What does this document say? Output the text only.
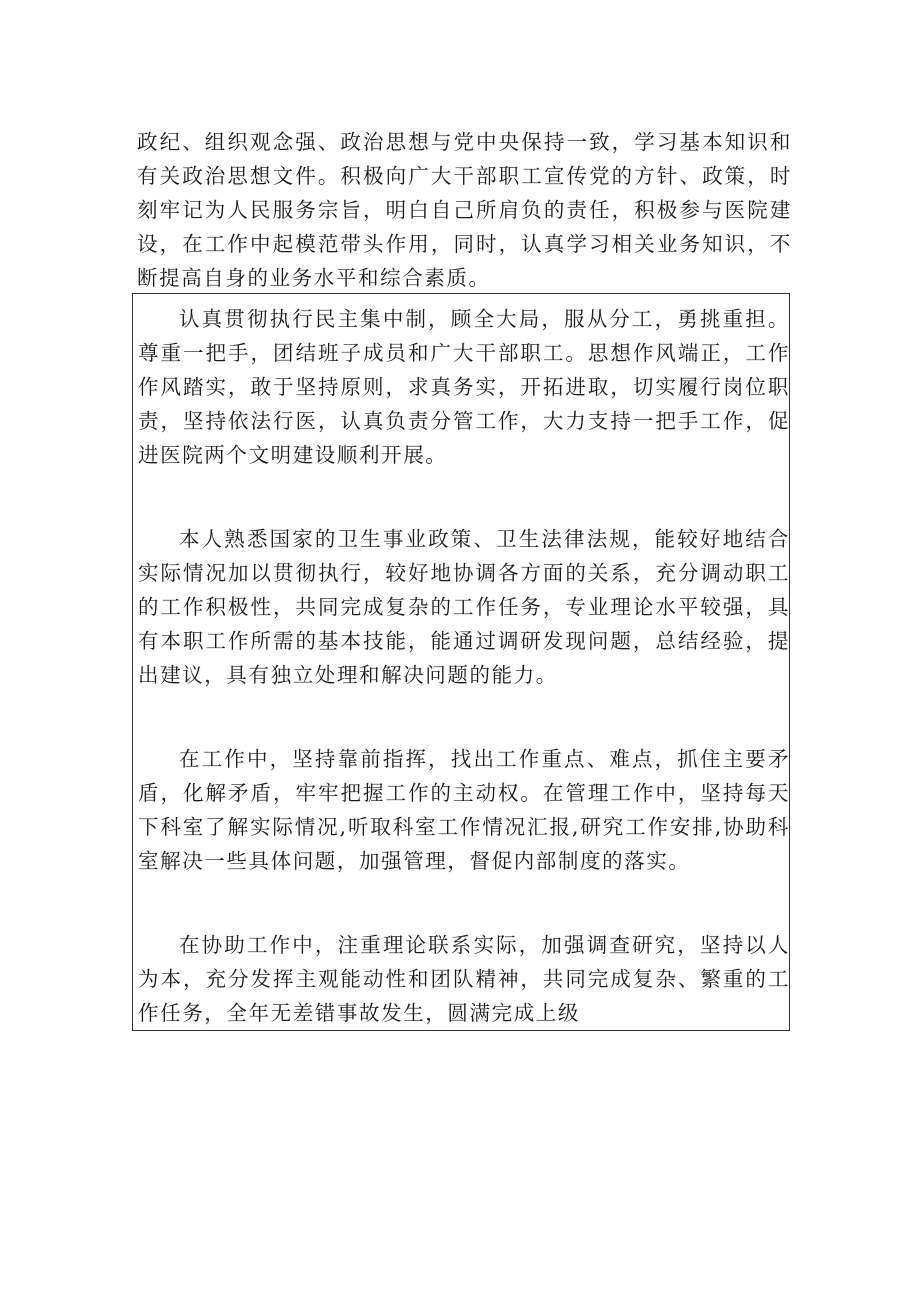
政纪、组织观念强、政治思想与党中央保持一致，学习基本知识和有关政治思想文件。积极向广大干部职工宣传党的方针、政策，时刻牢记为人民服务宗旨，明白自己所肩负的责任，积极参与医院建设，在工作中起模范带头作用，同时，认真学习相关业务知识，不断提高自身的业务水平和综合素质。

认真贯彻执行民主集中制，顾全大局，服从分工，勇挑重担。尊重一把手，团结班子成员和广大干部职工。思想作风端正，工作作风踏实，敢于坚持原则，求真务实，开拓进取，切实履行岗位职责，坚持依法行医，认真负责分管工作，大力支持一把手工作，促进医院两个文明建设顺利开展。

本人熟悉国家的卫生事业政策、卫生法律法规，能较好地结合实际情况加以贯彻执行，较好地协调各方面的关系，充分调动职工的工作积极性，共同完成复杂的工作任务，专业理论水平较强，具有本职工作所需的基本技能，能通过调研发现问题，总结经验，提出建议，具有独立处理和解决问题的能力。

在工作中，坚持靠前指挥，找出工作重点、难点，抓住主要矛盾，化解矛盾，牢牢把握工作的主动权。在管理工作中，坚持每天下科室了解实际情况,听取科室工作情况汇报,研究工作安排,协助科室解决一些具体问题，加强管理，督促内部制度的落实。

在协助工作中，注重理论联系实际，加强调查研究，坚持以人为本，充分发挥主观能动性和团队精神，共同完成复杂、繁重的工作任务，全年无差错事故发生，圆满完成上级
